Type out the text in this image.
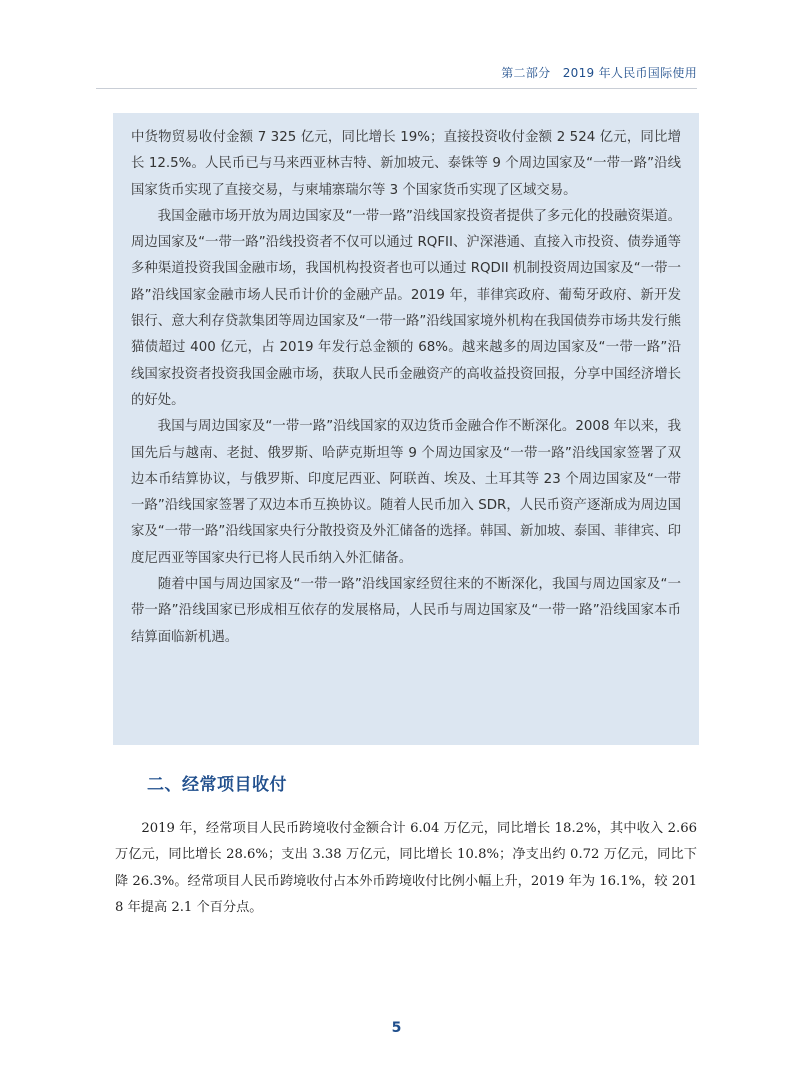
第二部分　2019 年人民币国际使用

中货物贸易收付金额 7 325 亿元，同比增长 19%；直接投资收付金额 2 524 亿元，同比增长 12.5%。人民币已与马来西亚林吉特、新加坡元、泰铢等 9 个周边国家及“一带一路”沿线国家货币实现了直接交易，与柬埔寨瑞尔等 3 个国家货币实现了区域交易。

我国金融市场开放为周边国家及“一带一路”沿线国家投资者提供了多元化的投融资渠道。周边国家及“一带一路”沿线投资者不仅可以通过 RQFII、沪深港通、直接入市投资、债券通等多种渠道投资我国金融市场，我国机构投资者也可以通过 RQDII 机制投资周边国家及“一带一路”沿线国家金融市场人民币计价的金融产品。2019 年，菲律宾政府、葡萄牙政府、新开发银行、意大利存贷款集团等周边国家及“一带一路”沿线国家境外机构在我国债券市场共发行熊猫债超过 400 亿元，占 2019 年发行总金额的 68%。越来越多的周边国家及“一带一路”沿线国家投资者投资我国金融市场，获取人民币金融资产的高收益投资回报，分享中国经济增长的好处。

我国与周边国家及“一带一路”沿线国家的双边货币金融合作不断深化。2008 年以来，我国先后与越南、老挝、俄罗斯、哈萨克斯坦等 9 个周边国家及“一带一路”沿线国家签署了双边本币结算协议，与俄罗斯、印度尼西亚、阿联酋、埃及、土耳其等 23 个周边国家及“一带一路”沿线国家签署了双边本币互换协议。随着人民币加入 SDR，人民币资产逐渐成为周边国家及“一带一路”沿线国家央行分散投资及外汇储备的选择。韩国、新加坡、泰国、菲律宾、印度尼西亚等国家央行已将人民币纳入外汇储备。

随着中国与周边国家及“一带一路”沿线国家经贸往来的不断深化，我国与周边国家及“一带一路”沿线国家已形成相互依存的发展格局，人民币与周边国家及“一带一路”沿线国家本币结算面临新机遇。

二、经常项目收付

2019 年，经常项目人民币跨境收付金额合计 6.04 万亿元，同比增长 18.2%，其中收入 2.66 万亿元，同比增长 28.6%；支出 3.38 万亿元，同比增长 10.8%；净支出约 0.72 万亿元，同比下降 26.3%。经常项目人民币跨境收付占本外币跨境收付比例小幅上升，2019 年为 16.1%，较 2018 年提高 2.1 个百分点。

5
